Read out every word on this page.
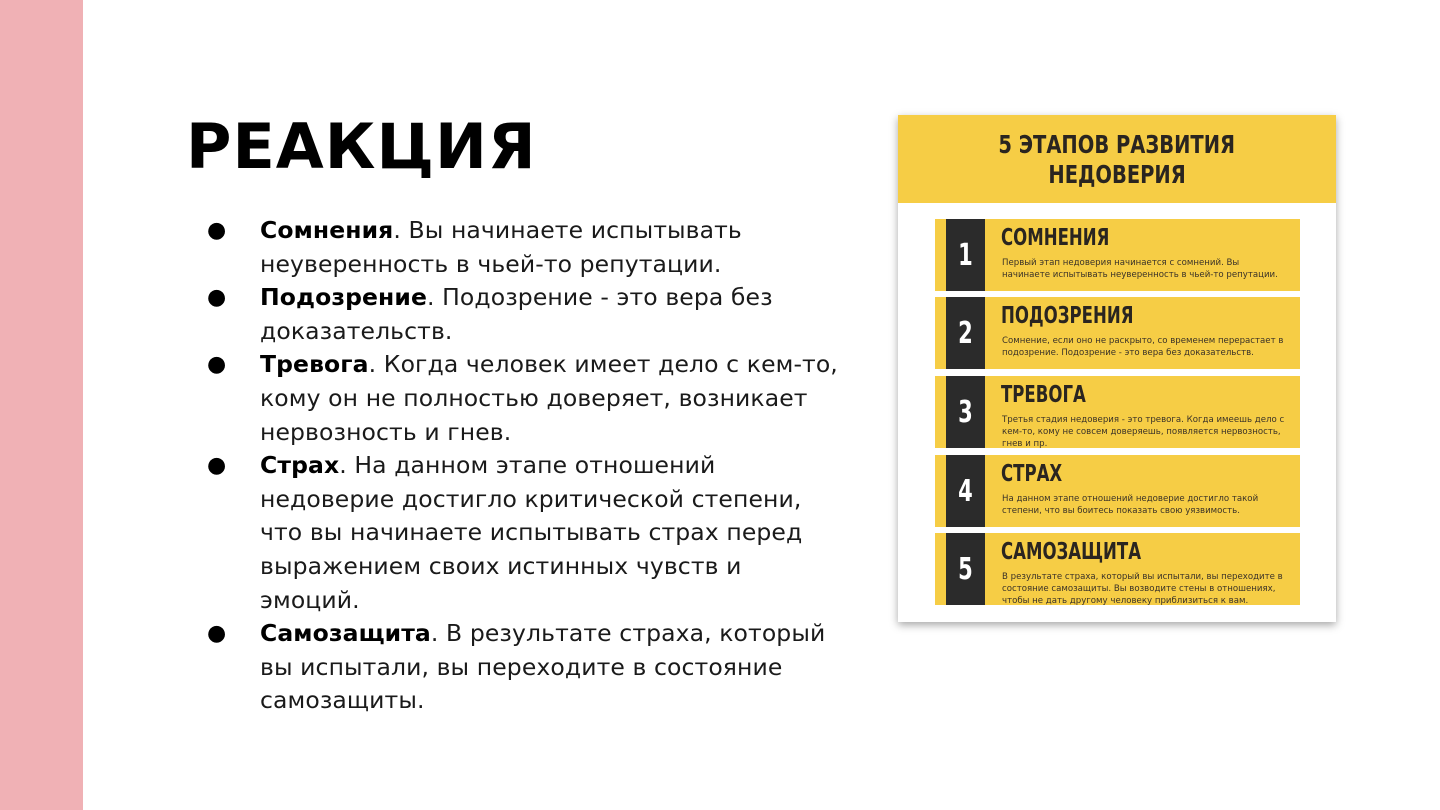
РЕАКЦИЯ
●	Сомнения. Вы начинаете испытывать неуверенность в чьей-то репутации.
●	Подозрение. Подозрение - это вера без доказательств.
●	Тревога. Когда человек имеет дело с кем-то, кому он не полностью доверяет, возникает нервозность и гнев.
●	Страх. На данном этапе отношений недоверие достигло критической степени, что вы начинаете испытывать страх перед выражением своих истинных чувств и эмоций.
●	Самозащита. В результате страха, который вы испытали, вы переходите в состояние самозащиты.
5 ЭТАПОВ РАЗВИТИЯ
НЕДОВЕРИЯ
1 СОМНЕНИЯ
Первый этап недоверия начинается с сомнений. Вы начинаете испытывать неуверенность в чьей-то репутации.
2 ПОДОЗРЕНИЯ
Сомнение, если оно не раскрыто, со временем перерастает в подозрение. Подозрение - это вера без доказательств.
3 ТРЕВОГА
Третья стадия недоверия - это тревога. Когда имеешь дело с кем-то, кому не совсем доверяешь, появляется нервозность, гнев и пр.
4 СТРАХ
На данном этапе отношений недоверие достигло такой степени, что вы боитесь показать свою уязвимость.
5 САМОЗАЩИТА
В результате страха, который вы испытали, вы переходите в состояние самозащиты. Вы возводите стены в отношениях, чтобы не дать другому человеку приблизиться к вам.
